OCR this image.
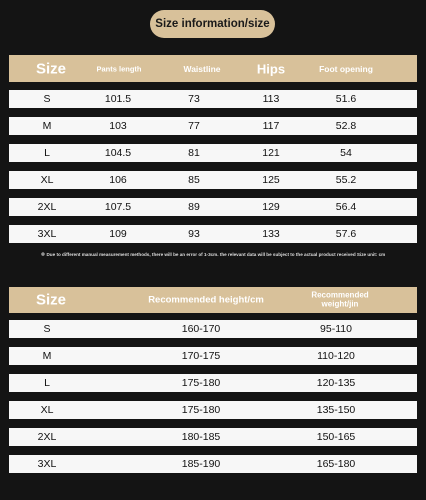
Size information/size
Size	Pants length	Waistline	Hips	Foot opening
S	101.5	73	113	51.6
M	103	77	117	52.8
L	104.5	81	121	54
XL	106	85	125	55.2
2XL	107.5	89	129	56.4
3XL	109	93	133	57.6
※ Due to different manual measurement methods, there will be an error of 1-3cm. the relevant data will be subject to the actual product received Size unit: cm
Size	Recommended height/cm	Recommended weight/jin
S	160-170	95-110
M	170-175	110-120
L	175-180	120-135
XL	175-180	135-150
2XL	180-185	150-165
3XL	185-190	165-180
